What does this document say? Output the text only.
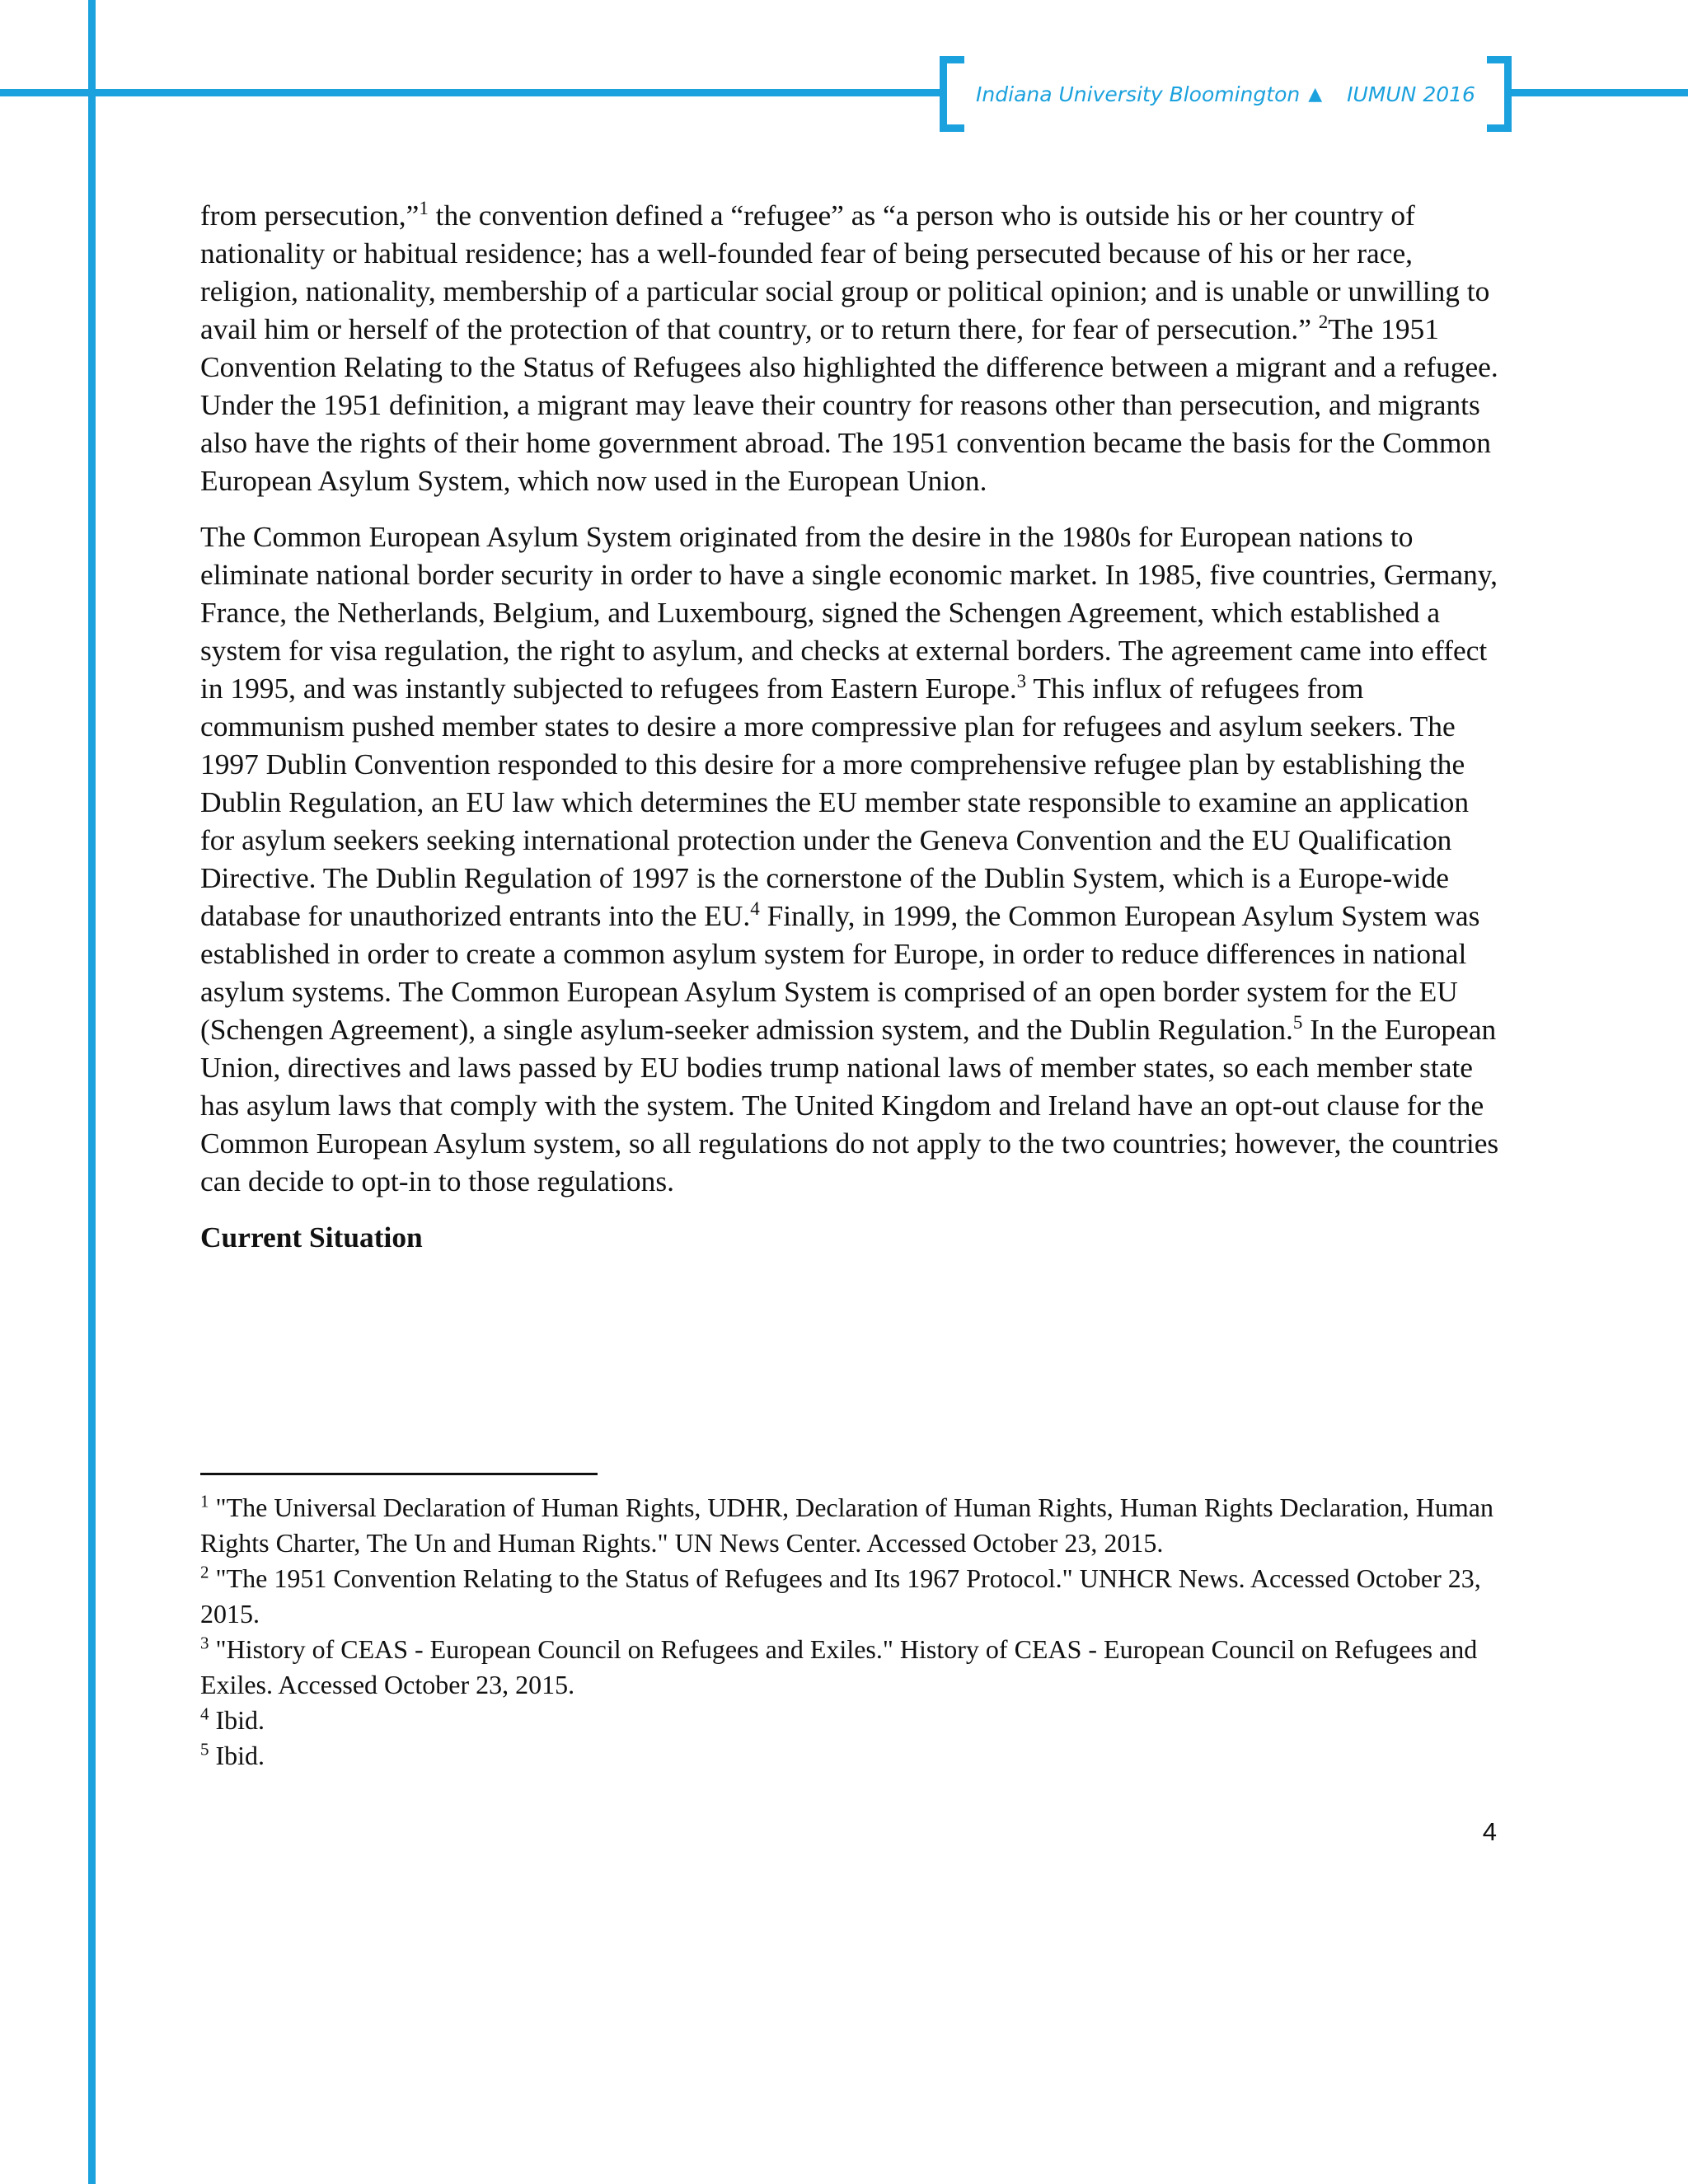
Indiana University Bloomington ▲ IUMUN 2016

from persecution,”$^1$ the convention defined a “refugee” as “a person who is outside his or her country of nationality or habitual residence; has a well-founded fear of being persecuted because of his or her race, religion, nationality, membership of a particular social group or political opinion; and is unable or unwilling to avail him or herself of the protection of that country, or to return there, for fear of persecution.” $^2$The 1951 Convention Relating to the Status of Refugees also highlighted the difference between a migrant and a refugee. Under the 1951 definition, a migrant may leave their country for reasons other than persecution, and migrants also have the rights of their home government abroad. The 1951 convention became the basis for the Common European Asylum System, which now used in the European Union.

The Common European Asylum System originated from the desire in the 1980s for European nations to eliminate national border security in order to have a single economic market. In 1985, five countries, Germany, France, the Netherlands, Belgium, and Luxembourg, signed the Schengen Agreement, which established a system for visa regulation, the right to asylum, and checks at external borders. The agreement came into effect in 1995, and was instantly subjected to refugees from Eastern Europe.$^3$ This influx of refugees from communism pushed member states to desire a more compressive plan for refugees and asylum seekers. The 1997 Dublin Convention responded to this desire for a more comprehensive refugee plan by establishing the Dublin Regulation, an EU law which determines the EU member state responsible to examine an application for asylum seekers seeking international protection under the Geneva Convention and the EU Qualification Directive. The Dublin Regulation of 1997 is the cornerstone of the Dublin System, which is a Europe-wide database for unauthorized entrants into the EU.$^4$ Finally, in 1999, the Common European Asylum System was established in order to create a common asylum system for Europe, in order to reduce differences in national asylum systems. The Common European Asylum System is comprised of an open border system for the EU (Schengen Agreement), a single asylum-seeker admission system, and the Dublin Regulation.$^5$ In the European Union, directives and laws passed by EU bodies trump national laws of member states, so each member state has asylum laws that comply with the system. The United Kingdom and Ireland have an opt-out clause for the Common European Asylum system, so all regulations do not apply to the two countries; however, the countries can decide to opt-in to those regulations.

Current Situation
$^1$ "The Universal Declaration of Human Rights, UDHR, Declaration of Human Rights, Human Rights Declaration, Human Rights Charter, The Un and Human Rights." UN News Center. Accessed October 23, 2015.
$^2$ "The 1951 Convention Relating to the Status of Refugees and Its 1967 Protocol." UNHCR News. Accessed October 23, 2015.
$^3$ "History of CEAS - European Council on Refugees and Exiles." History of CEAS - European Council on Refugees and Exiles. Accessed October 23, 2015.
$^4$ Ibid.
$^5$ Ibid.
4
